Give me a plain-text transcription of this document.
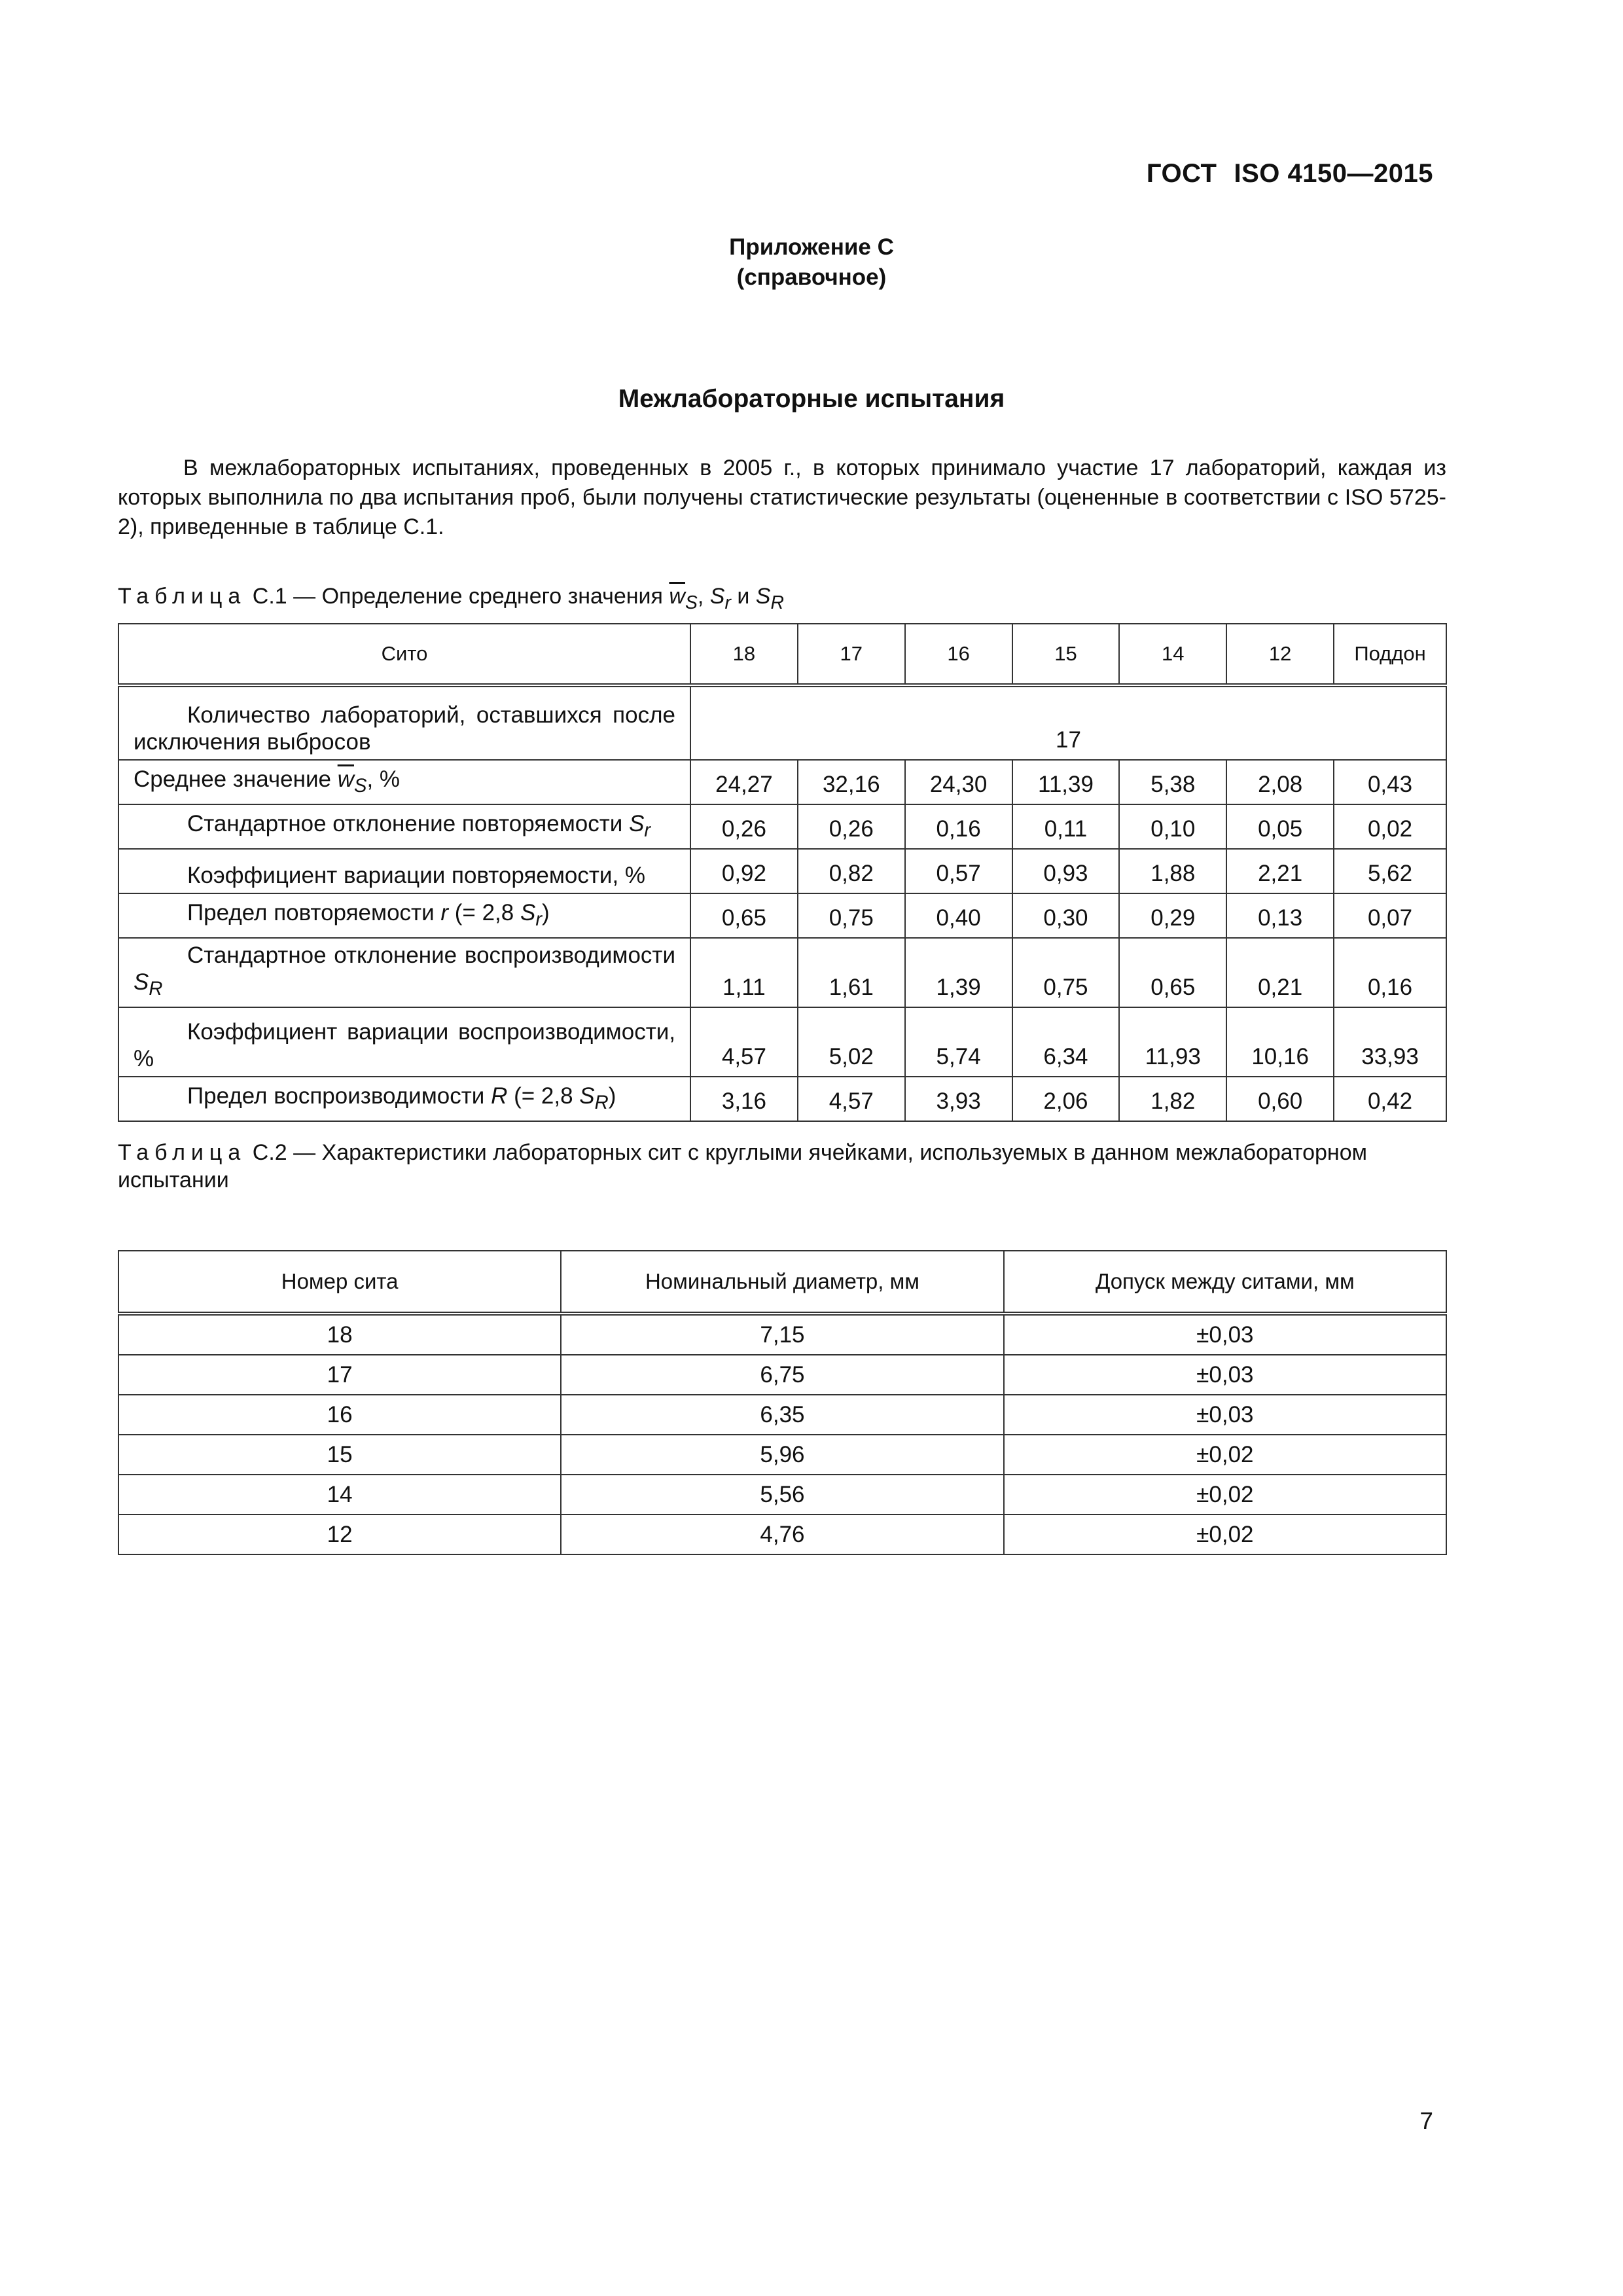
ГОСТ ISO 4150—2015
Приложение С
(справочное)
Межлабораторные испытания

В межлабораторных испытаниях, проведенных в 2005 г., в которых принимало участие 17 лабораторий, каждая из которых выполнила по два испытания проб, были получены статистические результаты (оцененные в соответствии с ISO 5725-2), приведенные в таблице С.1.

Таблица С.1 — Определение среднего значения $\overline{w}_S$, $S_r$ и $S_R$
Сито	18	17	16	15	14	12	Поддон
Количество лабораторий, оставшихся после исключения выбросов	17						
Среднее значение $\overline{w}_S$, %	24,27	32,16	24,30	11,39	5,38	2,08	0,43
Стандартное отклонение повторяемости $S_r$	0,26	0,26	0,16	0,11	0,10	0,05	0,02
Коэффициент вариации повторяемости, %	0,92	0,82	0,57	0,93	1,88	2,21	5,62
Предел повторяемости r (= 2,8 $S_r$)	0,65	0,75	0,40	0,30	0,29	0,13	0,07
Стандартное отклонение воспроизводимости $S_R$	1,11	1,61	1,39	0,75	0,65	0,21	0,16
Коэффициент вариации воспроизводимости, %	4,57	5,02	5,74	6,34	11,93	10,16	33,93
Предел воспроизводимости R (= 2,8 $S_R$)	3,16	4,57	3,93	2,06	1,82	0,60	0,42
Таблица С.2 — Характеристики лабораторных сит с круглыми ячейками, используемых в данном межлабораторном испытании
Номер сита	Номинальный диаметр, мм	Допуск между ситами, мм
18	7,15	±0,03
17	6,75	±0,03
16	6,35	±0,03
15	5,96	±0,02
14	5,56	±0,02
12	4,76	±0,02
7
